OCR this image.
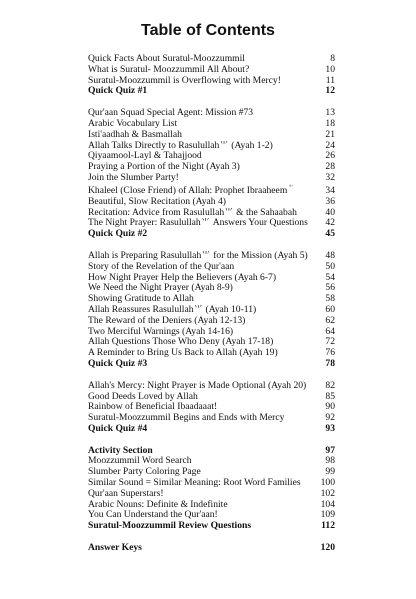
Table of Contents
Quick Facts About Suratul-Moozzummil	8
What is Suratul- Moozzummil All About?	10
Suratul-Moozzummil is Overflowing with Mercy!	11
Quick Quiz #1	12
Qur'aan Squad Special Agent: Mission #73	13
Arabic Vocabulary List	18
Isti'aadhah & Basmallah	21
Allah Talks Directly to Rasulullah⺌ (Ayah 1-2)	24
Qiyaamool-Layl & Tahajjood	26
Praying a Portion of the Night (Ayah 3)	28
Join the Slumber Party!	32
Khaleel (Close Friend) of Allah: Prophet Ibraaheem⺌	34
Beautiful, Slow Recitation (Ayah 4)	36
Recitation: Advice from Rasulullah⺌ & the Sahaabah	40
The Night Prayer: Rasulullah⺌ Answers Your Questions	42
Quick Quiz #2	45
Allah is Preparing Rasulullah⺌ for the Mission (Ayah 5)	48
Story of the Revelation of the Qur'aan	50
How Night Prayer Help the Believers (Ayah 6-7)	54
We Need the Night Prayer (Ayah 8-9)	56
Showing Gratitude to Allah	58
Allah Reassures Rasulullah⺌ (Ayah 10-11)	60
The Reward of the Deniers (Ayah 12-13)	62
Two Merciful Warnings (Ayah 14-16)	64
Allah Questions Those Who Deny (Ayah 17-18)	72
A Reminder to Bring Us Back to Allah (Ayah 19)	76
Quick Quiz #3	78
Allah's Mercy: Night Prayer is Made Optional (Ayah 20)	82
Good Deeds Loved by Allah	85
Rainbow of Beneficial Ibaadaaat!	90
Suratul-Moozzummil Begins and Ends with Mercy	92
Quick Quiz #4	93
Activity Section	97
Moozzummil Word Search	98
Slumber Party Coloring Page	99
Similar Sound = Similar Meaning: Root Word Families	100
Qur'aan Superstars!	102
Arabic Nouns: Definite & Indefinite	104
You Can Understand the Qur'aan!	109
Suratul-Moozzummil Review Questions	112
Answer Keys	120
